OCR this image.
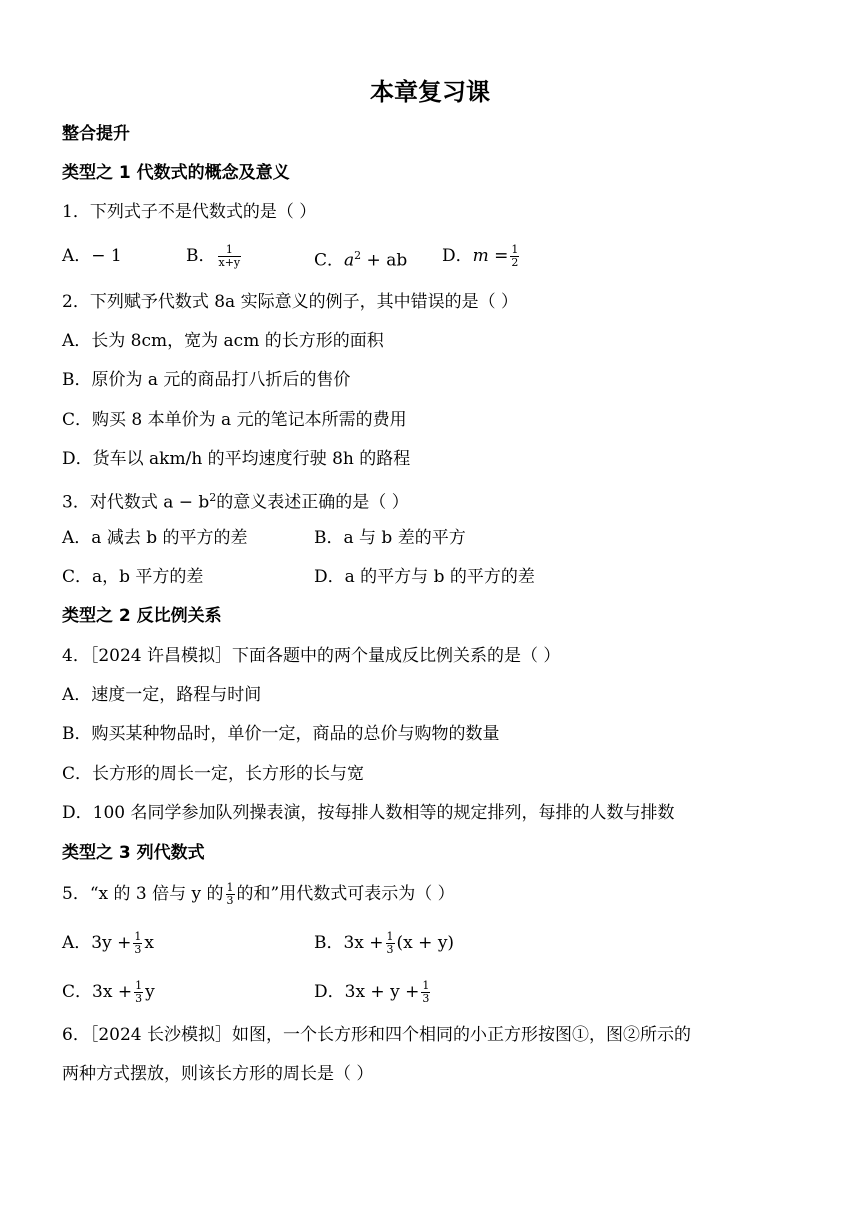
本章复习课
整合提升
类型之 1 代数式的概念及意义
1．下列式子不是代数式的是（ ）
A．− 1	B． $\frac{1}{x+y}$	C．$a^2$ + ab D．$m = \frac{1}{2}$
2．下列赋予代数式 8a 实际意义的例子，其中错误的是（ ）
A．长为 8cm，宽为 acm 的长方形的面积
B．原价为 a 元的商品打八折后的售价
C．购买 8 本单价为 a 元的笔记本所需的费用
D．货车以 akm/h 的平均速度行驶 8h 的路程
3．对代数式 $a - b^2$的意义表述正确的是（ ）
A．a 减去 b 的平方的差	B．a 与 b 差的平方
C．a，b 平方的差	D．a 的平方与 b 的平方的差
类型之 2 反比例关系
4．［2024 许昌模拟］下面各题中的两个量成反比例关系的是（ ）
A．速度一定，路程与时间
B．购买某种物品时，单价一定，商品的总价与购物的数量
C．长方形的周长一定，长方形的长与宽
D．100 名同学参加队列操表演，按每排人数相等的规定排列，每排的人数与排数
类型之 3 列代数式
5．“x 的 3 倍与 y 的 $\frac{1}{3}$ 的和”用代数式可表示为（ ）
A．$3y + \frac{1}{3}$ x	B．$3x + \frac{1}{3} (x + y)$
C．$3x + \frac{1}{3}$ y	D．$3x + y + \frac{1}{3}$
6．［2024 长沙模拟］如图，一个长方形和四个相同的小正方形按图①，图②所示的
两种方式摆放，则该长方形的周长是（ ）
